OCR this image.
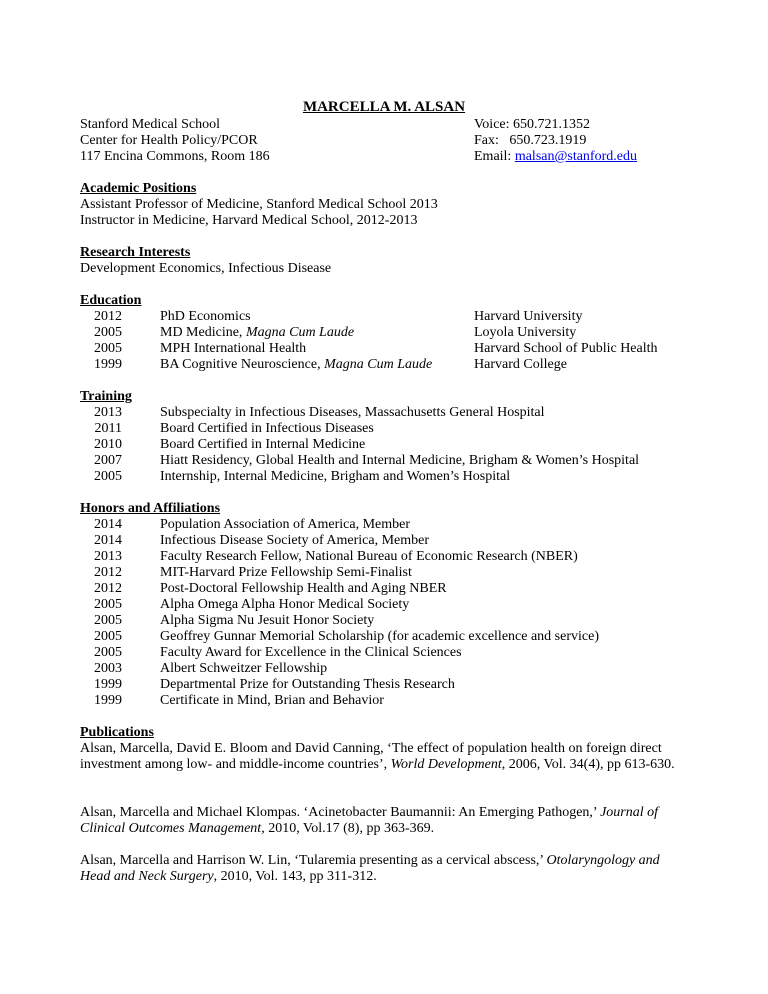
MARCELLA M. ALSAN
Stanford Medical School
Center for Health Policy/PCOR
117 Encina Commons, Room 186
Voice: 650.721.1352
Fax:   650.723.1919
Email: malsan@stanford.edu
Academic Positions
Assistant Professor of Medicine, Stanford Medical School 2013
Instructor in Medicine, Harvard Medical School, 2012-2013
Research Interests
Development Economics, Infectious Disease
Education
2012	PhD Economics	Harvard University
2005	MD Medicine, Magna Cum Laude	Loyola University
2005	MPH International Health	Harvard School of Public Health
1999	BA Cognitive Neuroscience, Magna Cum Laude	Harvard College
Training
2013	Subspecialty in Infectious Diseases, Massachusetts General Hospital
2011	Board Certified in Infectious Diseases
2010	Board Certified in Internal Medicine
2007	Hiatt Residency, Global Health and Internal Medicine, Brigham & Women’s Hospital
2005	Internship, Internal Medicine, Brigham and Women’s Hospital
Honors and Affiliations
2014	Population Association of America, Member
2014	Infectious Disease Society of America, Member
2013	Faculty Research Fellow, National Bureau of Economic Research (NBER)
2012	MIT-Harvard Prize Fellowship Semi-Finalist
2012	Post-Doctoral Fellowship Health and Aging NBER
2005	Alpha Omega Alpha Honor Medical Society
2005	Alpha Sigma Nu Jesuit Honor Society
2005	Geoffrey Gunnar Memorial Scholarship (for academic excellence and service)
2005	Faculty Award for Excellence in the Clinical Sciences
2003	Albert Schweitzer Fellowship
1999	Departmental Prize for Outstanding Thesis Research
1999	Certificate in Mind, Brian and Behavior
Publications
Alsan, Marcella, David E. Bloom and David Canning, ‘The effect of population health on foreign direct investment among low- and middle-income countries’, World Development, 2006, Vol. 34(4), pp 613-630.
Alsan, Marcella and Michael Klompas. ‘Acinetobacter Baumannii: An Emerging Pathogen,’ Journal of Clinical Outcomes Management, 2010, Vol.17 (8), pp 363-369.
Alsan, Marcella and Harrison W. Lin, ‘Tularemia presenting as a cervical abscess,’ Otolaryngology and Head and Neck Surgery, 2010, Vol. 143, pp 311-312.
